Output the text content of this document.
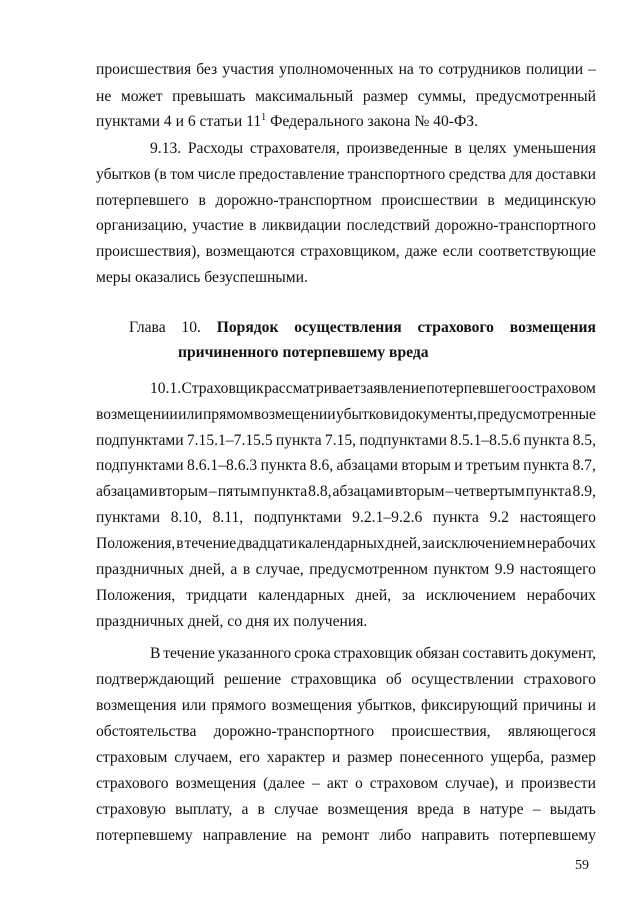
происшествия без участия уполномоченных на то сотрудников полиции –
не может превышать максимальный размер суммы, предусмотренный
пунктами 4 и 6 статьи $11^1$ Федерального закона № 40-ФЗ.
9.13. Расходы страхователя, произведенные в целях уменьшения
убытков (в том числе предоставление транспортного средства для доставки
потерпевшего в дорожно-транспортном происшествии в медицинскую
организацию, участие в ликвидации последствий дорожно-транспортного
происшествия), возмещаются страховщиком, даже если соответствующие
меры оказались безуспешными.
Глава 10. Порядок осуществления страхового возмещения
причиненного потерпевшему вреда
10.1. Страховщик рассматривает заявление потерпевшего о страховом
возмещении или прямом возмещении убытков и документы, предусмотренные
подпунктами 7.15.1–7.15.5 пункта 7.15, подпунктами 8.5.1–8.5.6 пункта 8.5,
подпунктами 8.6.1–8.6.3 пункта 8.6, абзацами вторым и третьим пункта 8.7,
абзацами вторым – пятым пункта 8.8, абзацами вторым – четвертым пункта 8.9,
пунктами 8.10, 8.11, подпунктами 9.2.1–9.2.6 пункта 9.2 настоящего
Положения, в течение двадцати календарных дней, за исключением нерабочих
праздничных дней, а в случае, предусмотренном пунктом 9.9 настоящего
Положения, тридцати календарных дней, за исключением нерабочих
праздничных дней, со дня их получения.
В течение указанного срока страховщик обязан составить документ,
подтверждающий решение страховщика об осуществлении страхового
возмещения или прямого возмещения убытков, фиксирующий причины и
обстоятельства дорожно-транспортного происшествия, являющегося
страховым случаем, его характер и размер понесенного ущерба, размер
страхового возмещения (далее – акт о страховом случае), и произвести
страховую выплату, а в случае возмещения вреда в натуре – выдать
потерпевшему направление на ремонт либо направить потерпевшему
59
